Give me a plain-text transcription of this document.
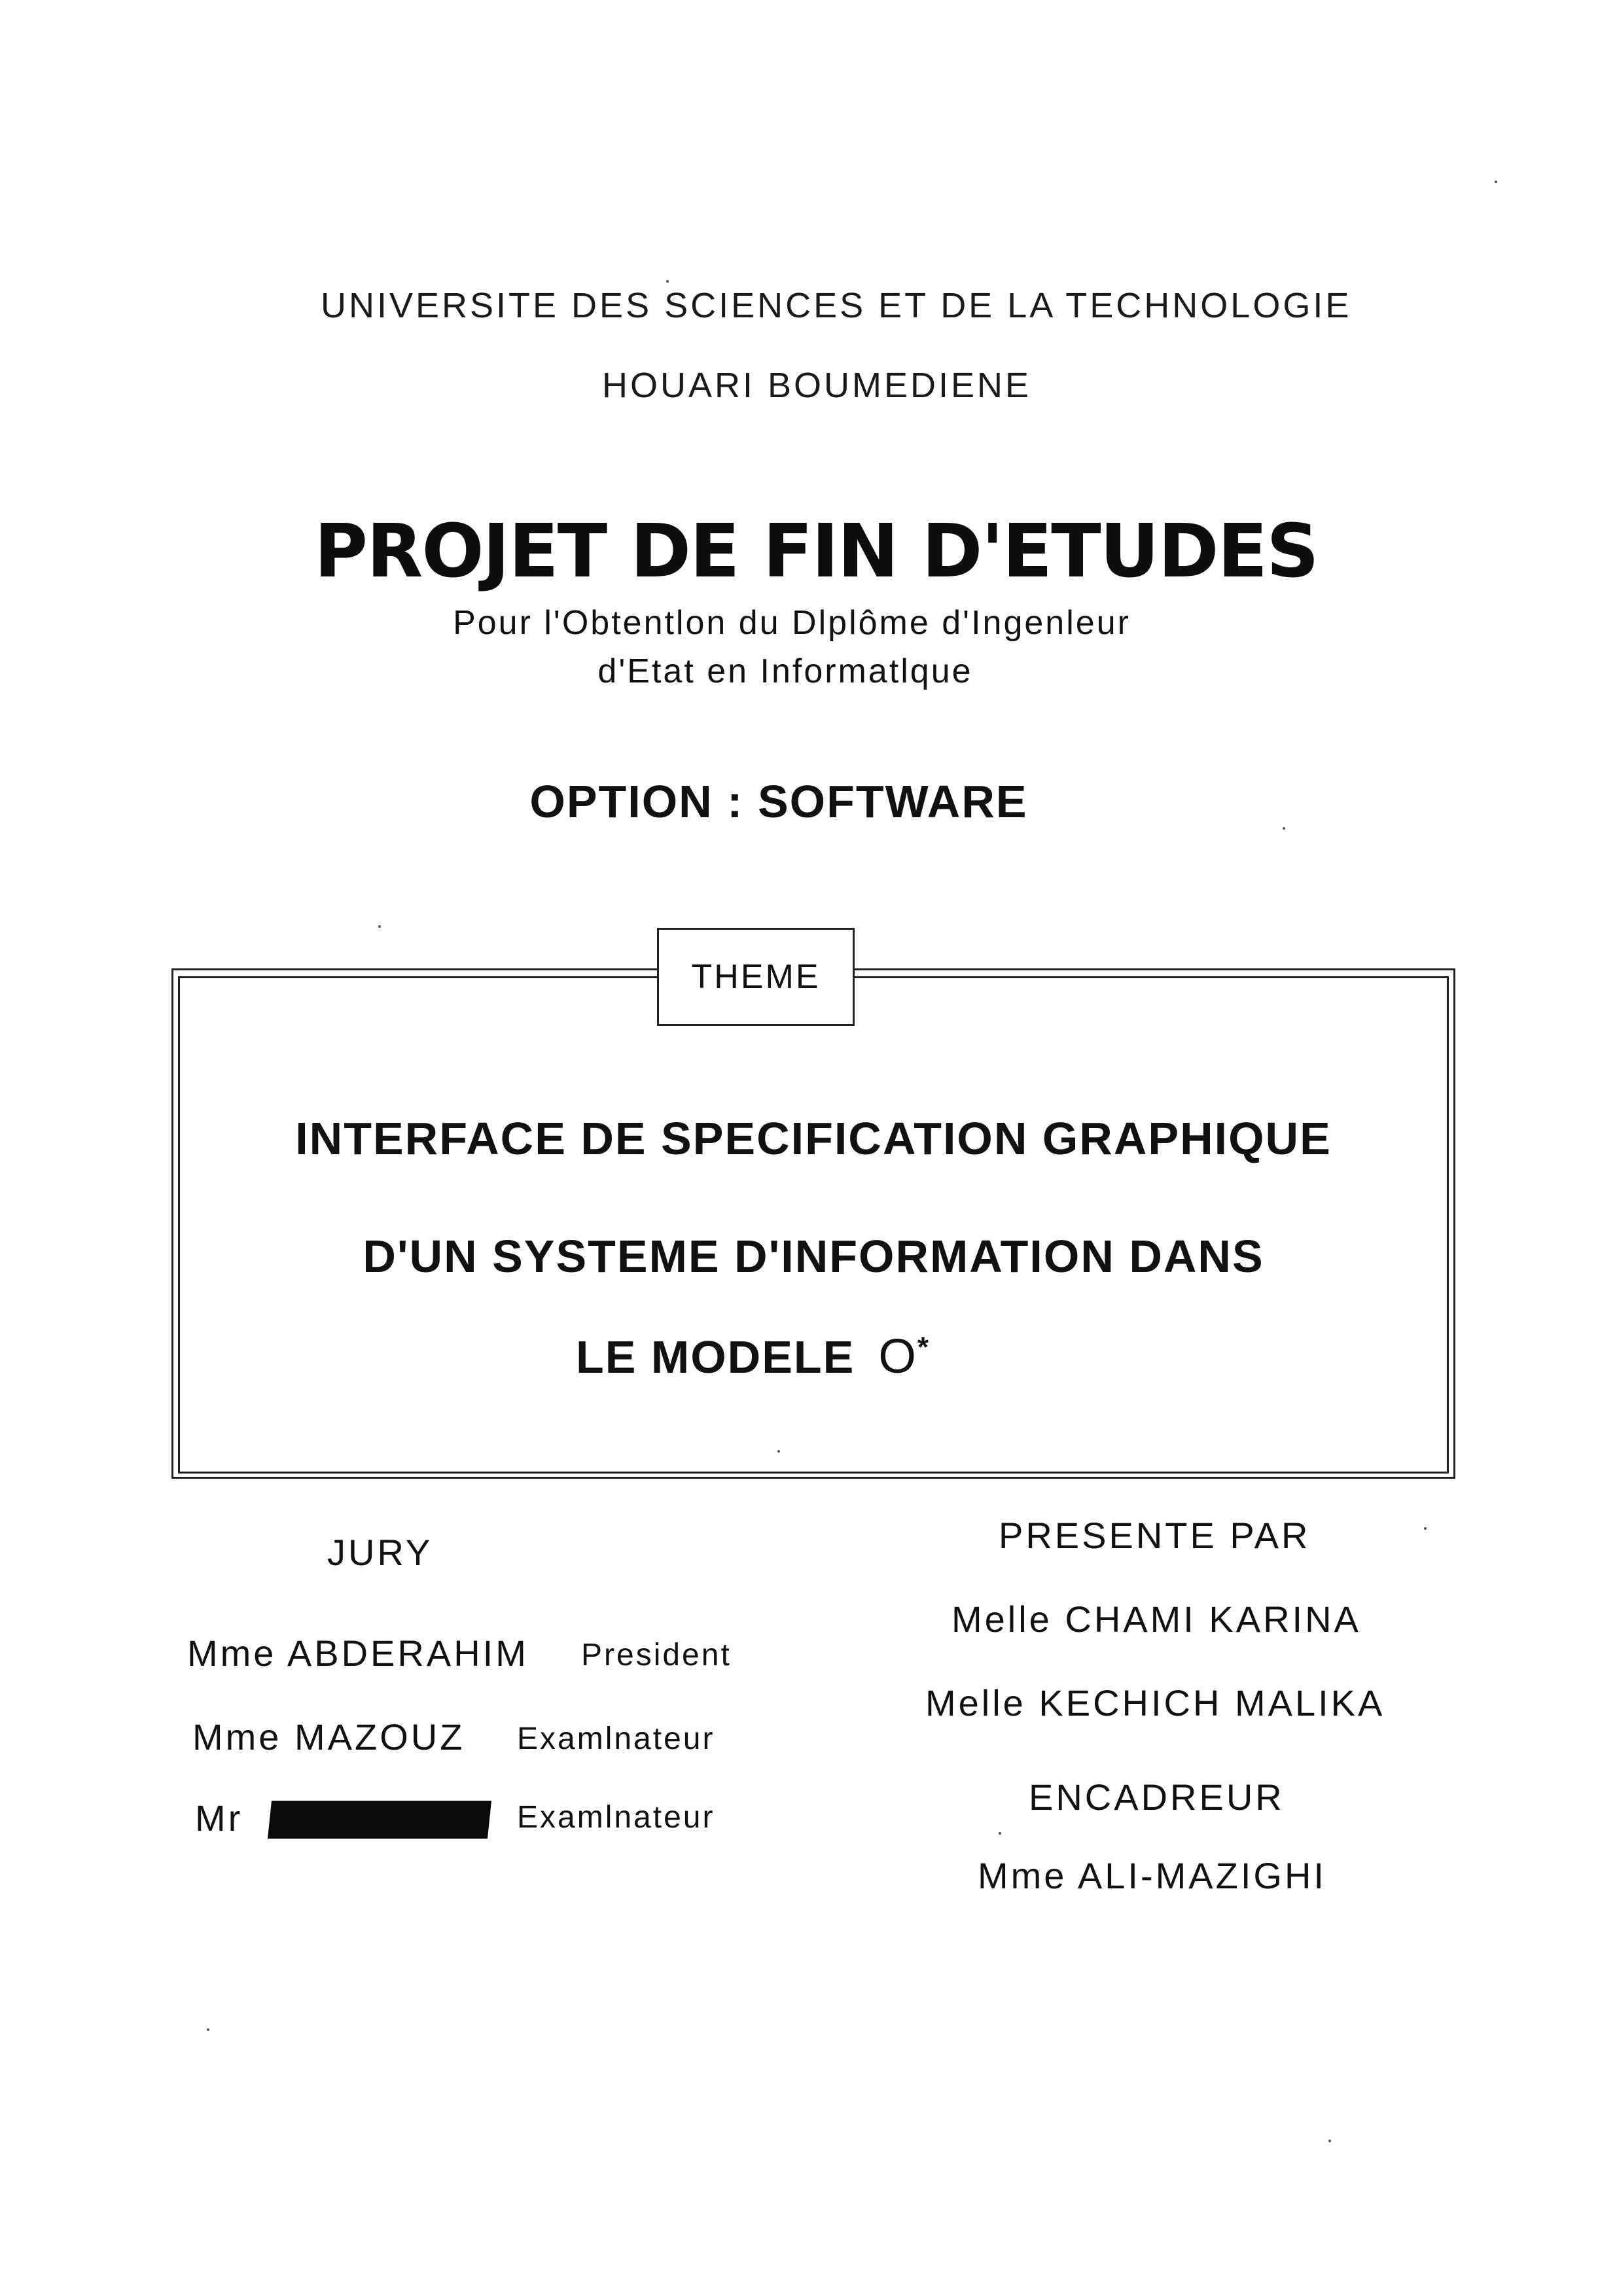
UNIVERSITE DES SCIENCES ET DE LA TECHNOLOGIE
HOUARI BOUMEDIENE
PROJET DE FIN D'ETUDES
Pour l'Obtentlon du Dlplôme d'Ingenleur
d'Etat en Informatlque
OPTION : SOFTWARE
THEME
INTERFACE DE SPECIFICATION GRAPHIQUE
D'UN SYSTEME D'INFORMATION DANS
LE MODELE O*
JURY
Mme ABDERAHIM President
Mme MAZOUZ Examlnateur
Mr	Examlnateur
PRESENTE PAR
Melle CHAMI KARINA
Melle KECHICH MALIKA
ENCADREUR
Mme ALI-MAZIGHI
